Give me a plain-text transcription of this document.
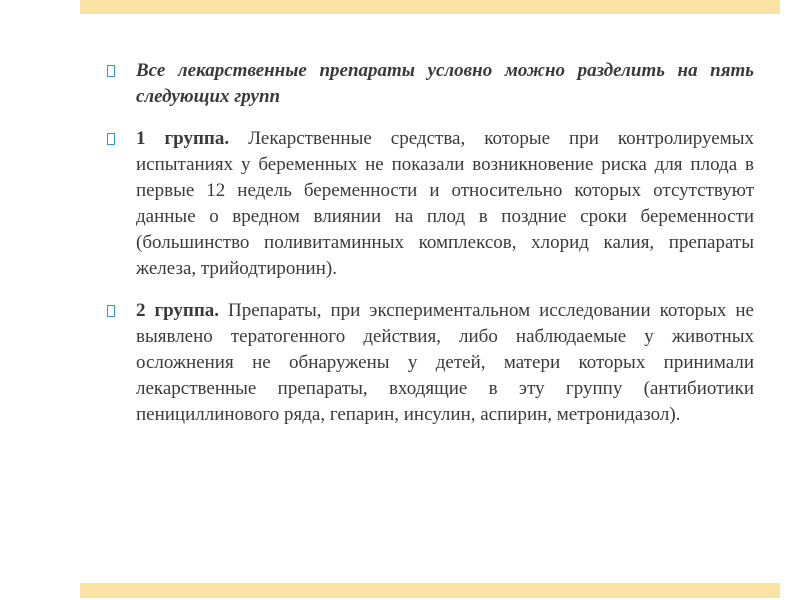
Все лекарственные препараты условно можно разделить на пять следующих групп
1 группа. Лекарственные средства, которые при контролируемых испытаниях у беременных не показали возникновение риска для плода в первые 12 недель беременности и относительно которых отсутствуют данные о вредном влиянии на плод в поздние сроки беременности (большинство поливитаминных комплексов, хлорид калия, препараты железа, трийодтиронин).
2 группа. Препараты, при экспериментальном исследовании которых не выявлено тератогенного действия, либо наблюдаемые у животных осложнения не обнаружены у детей, матери которых принимали лекарственные препараты, входящие в эту группу (антибиотики пенициллинового ряда, гепарин, инсулин, аспирин, метронидазол).
